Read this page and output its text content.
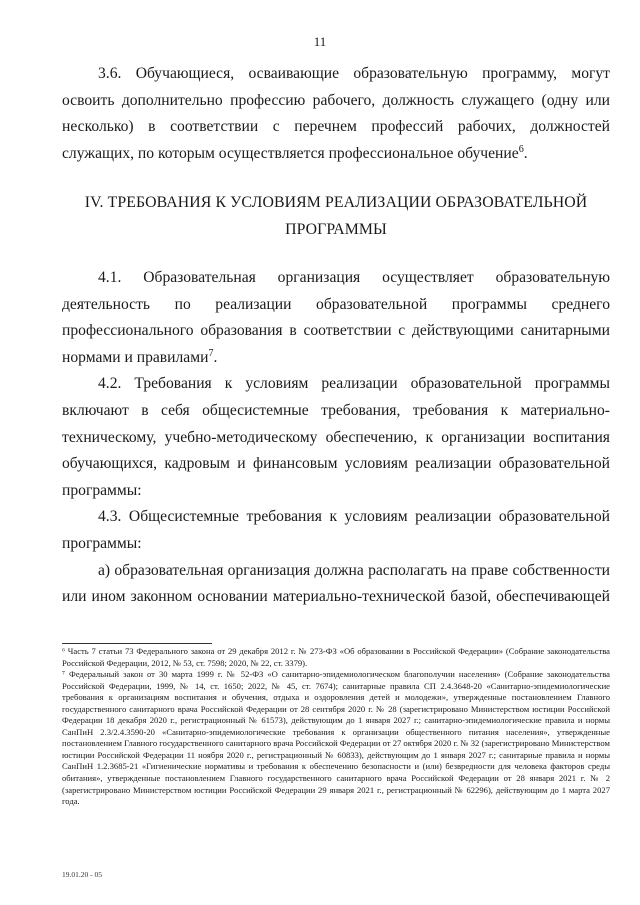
11

3.6. Обучающиеся, осваивающие образовательную программу, могут освоить дополнительно профессию рабочего, должность служащего (одну или несколько) в соответствии с перечнем профессий рабочих, должностей служащих, по которым осуществляется профессиональное обучение$^6$.

IV. ТРЕБОВАНИЯ К УСЛОВИЯМ РЕАЛИЗАЦИИ ОБРАЗОВАТЕЛЬНОЙ
ПРОГРАММЫ

4.1. Образовательная организация осуществляет образовательную деятельность по реализации образовательной программы среднего профессионального образования в соответствии с действующими санитарными нормами и правилами$^7$.

4.2. Требования к условиям реализации образовательной программы включают в себя общесистемные требования, требования к материально-техническому, учебно-методическому обеспечению, к организации воспитания обучающихся, кадровым и финансовым условиям реализации образовательной программы:

4.3. Общесистемные требования к условиям реализации образовательной программы:

а) образовательная организация должна располагать на праве собственности или ином законном основании материально-технической базой, обеспечивающей

⁶ Часть 7 статьи 73 Федерального закона от 29 декабря 2012 г. № 273-ФЗ «Об образовании в Российской Федерации» (Собрание законодательства Российской Федерации, 2012, № 53, ст. 7598; 2020, № 22, ст. 3379).

⁷ Федеральный закон от 30 марта 1999 г. № 52-ФЗ «О санитарно-эпидемиологическом благополучии населения» (Собрание законодательства Российской Федерации, 1999, № 14, ст. 1650; 2022, № 45, ст. 7674); санитарные правила СП 2.4.3648-20 «Санитарно-эпидемиологические требования к организациям воспитания и обучения, отдыха и оздоровления детей и молодежи», утвержденные постановлением Главного государственного санитарного врача Российской Федерации от 28 сентября 2020 г. № 28 (зарегистрировано Министерством юстиции Российской Федерации 18 декабря 2020 г., регистрационный № 61573), действующим до 1 января 2027 г.; санитарно-эпидемиологические правила и нормы СанПиН 2.3/2.4.3590-20 «Санитарно-эпидемиологические требования к организации общественного питания населения», утвержденные постановлением Главного государственного санитарного врача Российской Федерации от 27 октября 2020 г. № 32 (зарегистрировано Министерством юстиции Российской Федерации 11 ноября 2020 г., регистрационный № 60833), действующим до 1 января 2027 г.; санитарные правила и нормы СанПиН 1.2.3685-21 «Гигиенические нормативы и требования к обеспечению безопасности и (или) безвредности для человека факторов среды обитания», утвержденные постановлением Главного государственного санитарного врача Российской Федерации от 28 января 2021 г. № 2 (зарегистрировано Министерством юстиции Российской Федерации 29 января 2021 г., регистрационный № 62296), действующим до 1 марта 2027 года.

19.01.20 - 05
